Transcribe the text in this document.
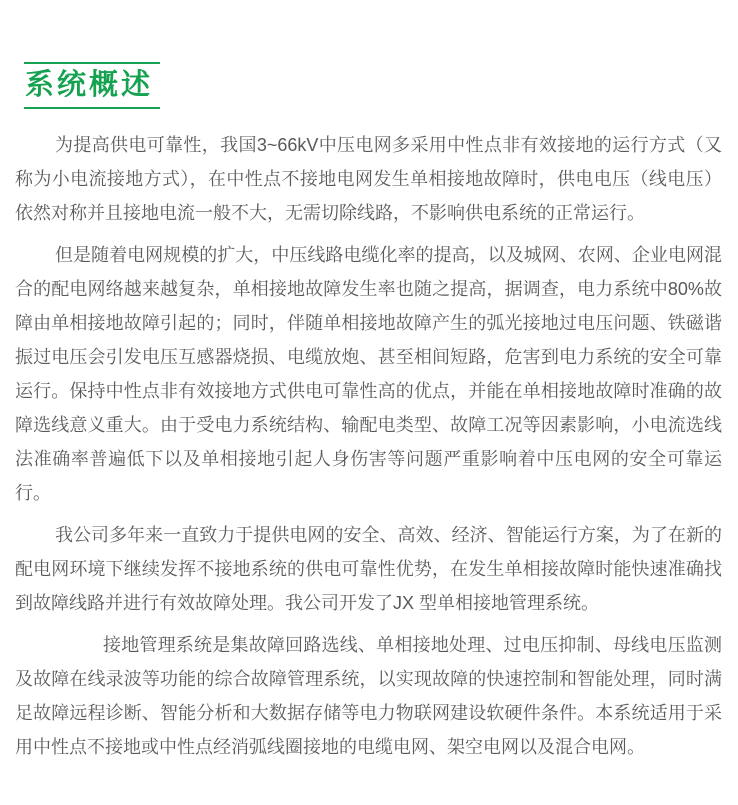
系统概述

为提高供电可靠性，我国3~66kV中压电网多采用中性点非有效接地的运行方式（又称为小电流接地方式），在中性点不接地电网发生单相接地故障时，供电电压（线电压）依然对称并且接地电流一般不大，无需切除线路，不影响供电系统的正常运行。

但是随着电网规模的扩大，中压线路电缆化率的提高，以及城网、农网、企业电网混合的配电网络越来越复杂，单相接地故障发生率也随之提高，据调查，电力系统中80%故障由单相接地故障引起的；同时，伴随单相接地故障产生的弧光接地过电压问题、铁磁谐振过电压会引发电压互感器烧损、电缆放炮、甚至相间短路，危害到电力系统的安全可靠运行。保持中性点非有效接地方式供电可靠性高的优点，并能在单相接地故障时准确的故障选线意义重大。由于受电力系统结构、输配电类型、故障工况等因素影响，小电流选线法准确率普遍低下以及单相接地引起人身伤害等问题严重影响着中压电网的安全可靠运行。

我公司多年来一直致力于提供电网的安全、高效、经济、智能运行方案，为了在新的配电网环境下继续发挥不接地系统的供电可靠性优势，在发生单相接故障时能快速准确找到故障线路并进行有效故障处理。我公司开发了JX 型单相接地管理系统。

接地管理系统是集故障回路选线、单相接地处理、过电压抑制、母线电压监测及故障在线录波等功能的综合故障管理系统，以实现故障的快速控制和智能处理，同时满足故障远程诊断、智能分析和大数据存储等电力物联网建设软硬件条件。本系统适用于采用中性点不接地或中性点经消弧线圈接地的电缆电网、架空电网以及混合电网。
